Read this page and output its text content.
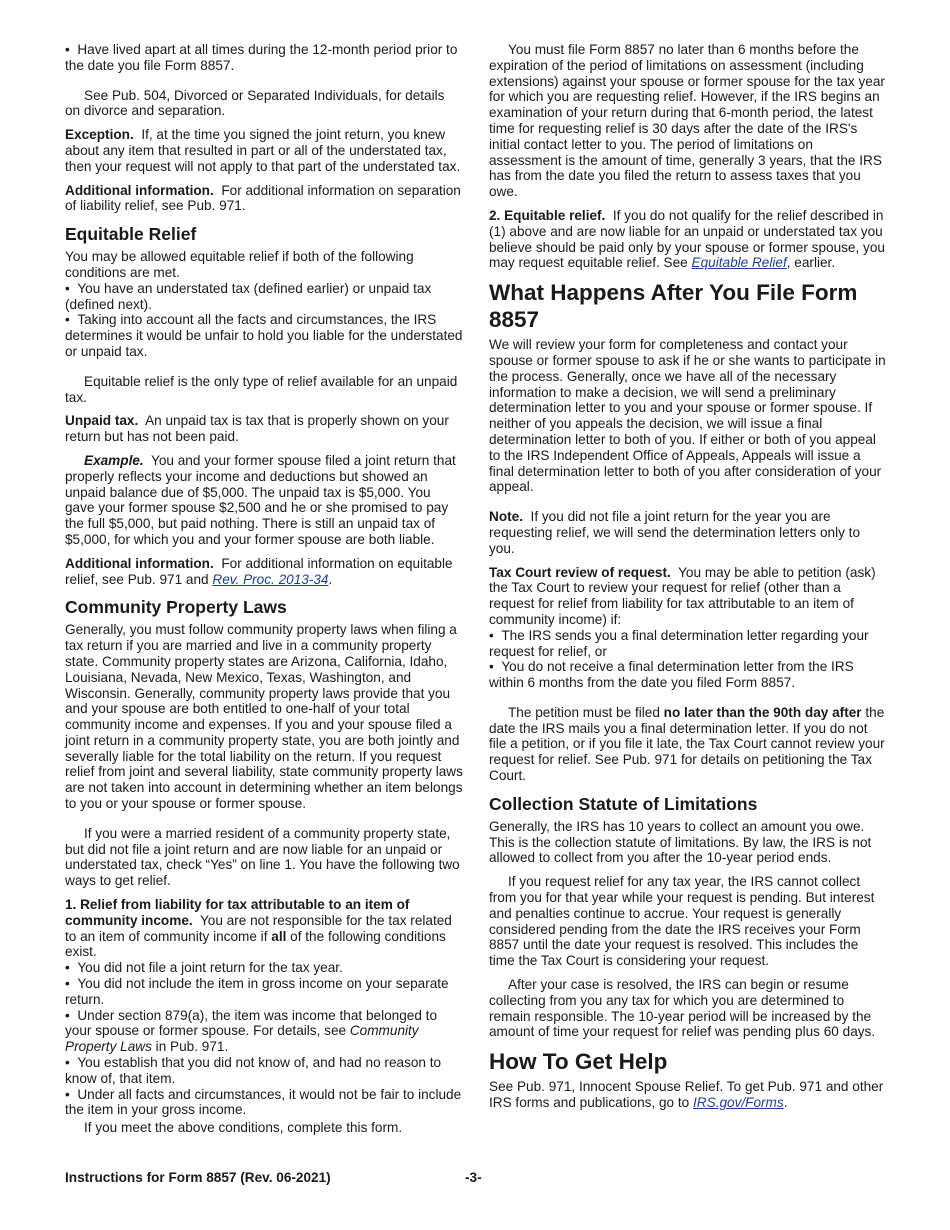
•  Have lived apart at all times during the 12-month period prior to the date you file Form 8857.

See Pub. 504, Divorced or Separated Individuals, for details on divorce and separation.

Exception. If, at the time you signed the joint return, you knew about any item that resulted in part or all of the understated tax, then your request will not apply to that part of the understated tax.

Additional information. For additional information on separation of liability relief, see Pub. 971.

Equitable Relief

You may be allowed equitable relief if both of the following conditions are met.

•  You have an understated tax (defined earlier) or unpaid tax (defined next).

•  Taking into account all the facts and circumstances, the IRS determines it would be unfair to hold you liable for the understated or unpaid tax.

Equitable relief is the only type of relief available for an unpaid tax.

Unpaid tax. An unpaid tax is tax that is properly shown on your return but has not been paid.

Example. You and your former spouse filed a joint return that properly reflects your income and deductions but showed an unpaid balance due of $5,000. The unpaid tax is $5,000. You gave your former spouse $2,500 and he or she promised to pay the full $5,000, but paid nothing. There is still an unpaid tax of $5,000, for which you and your former spouse are both liable.

Additional information. For additional information on equitable relief, see Pub. 971 and Rev. Proc. 2013-34.

Community Property Laws

Generally, you must follow community property laws when filing a tax return if you are married and live in a community property state. Community property states are Arizona, California, Idaho, Louisiana, Nevada, New Mexico, Texas, Washington, and Wisconsin. Generally, community property laws provide that you and your spouse are both entitled to one-half of your total community income and expenses. If you and your spouse filed a joint return in a community property state, you are both jointly and severally liable for the total liability on the return. If you request relief from joint and several liability, state community property laws are not taken into account in determining whether an item belongs to you or your spouse or former spouse.

If you were a married resident of a community property state, but did not file a joint return and are now liable for an unpaid or understated tax, check “Yes” on line 1. You have the following two ways to get relief.

1. Relief from liability for tax attributable to an item of community income. You are not responsible for the tax related to an item of community income if all of the following conditions exist.

•  You did not file a joint return for the tax year.

•  You did not include the item in gross income on your separate return.

•  Under section 879(a), the item was income that belonged to your spouse or former spouse. For details, see Community Property Laws in Pub. 971.

•  You establish that you did not know of, and had no reason to know of, that item.

•  Under all facts and circumstances, it would not be fair to include the item in your gross income.

If you meet the above conditions, complete this form.

You must file Form 8857 no later than 6 months before the expiration of the period of limitations on assessment (including extensions) against your spouse or former spouse for the tax year for which you are requesting relief. However, if the IRS begins an examination of your return during that 6-month period, the latest time for requesting relief is 30 days after the date of the IRS's initial contact letter to you. The period of limitations on assessment is the amount of time, generally 3 years, that the IRS has from the date you filed the return to assess taxes that you owe.

2. Equitable relief. If you do not qualify for the relief described in (1) above and are now liable for an unpaid or understated tax you believe should be paid only by your spouse or former spouse, you may request equitable relief. See Equitable Relief, earlier.

What Happens After You File Form 8857

We will review your form for completeness and contact your spouse or former spouse to ask if he or she wants to participate in the process. Generally, once we have all of the necessary information to make a decision, we will send a preliminary determination letter to you and your spouse or former spouse. If neither of you appeals the decision, we will issue a final determination letter to both of you. If either or both of you appeal to the IRS Independent Office of Appeals, Appeals will issue a final determination letter to both of you after consideration of your appeal.

Note. If you did not file a joint return for the year you are requesting relief, we will send the determination letters only to you.

Tax Court review of request. You may be able to petition (ask) the Tax Court to review your request for relief (other than a request for relief from liability for tax attributable to an item of community income) if:

•  The IRS sends you a final determination letter regarding your request for relief, or

•  You do not receive a final determination letter from the IRS within 6 months from the date you filed Form 8857.

The petition must be filed no later than the 90th day after the date the IRS mails you a final determination letter. If you do not file a petition, or if you file it late, the Tax Court cannot review your request for relief. See Pub. 971 for details on petitioning the Tax Court.

Collection Statute of Limitations

Generally, the IRS has 10 years to collect an amount you owe. This is the collection statute of limitations. By law, the IRS is not allowed to collect from you after the 10-year period ends.

If you request relief for any tax year, the IRS cannot collect from you for that year while your request is pending. But interest and penalties continue to accrue. Your request is generally considered pending from the date the IRS receives your Form 8857 until the date your request is resolved. This includes the time the Tax Court is considering your request.

After your case is resolved, the IRS can begin or resume collecting from you any tax for which you are determined to remain responsible. The 10-year period will be increased by the amount of time your request for relief was pending plus 60 days.

How To Get Help

See Pub. 971, Innocent Spouse Relief. To get Pub. 971 and other IRS forms and publications, go to IRS.gov/Forms.

Instructions for Form 8857 (Rev. 06-2021)	-3-
